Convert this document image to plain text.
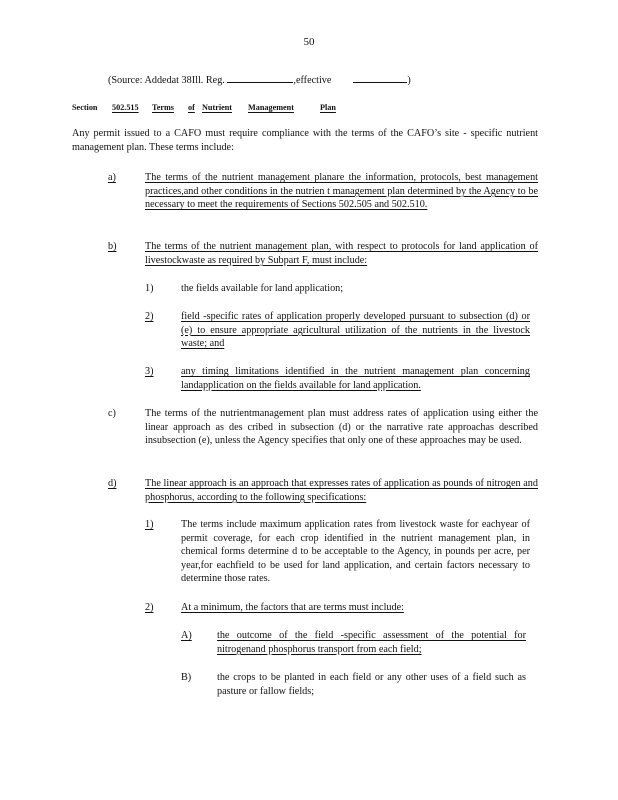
50
(Source: Addedat 38Ill. Reg.	,effective	)
Section 502.515 Terms of Nutrient Management	Plan
Any permit issued to a CAFO must require compliance with the terms of the CAFO’s site - specific nutrient management plan. These terms include:
a)	The terms of the nutrient management planare the information, protocols, best management practices,and other conditions in the nutrien t management plan determined by the Agency to be necessary to meet the requirements of Sections 502.505 and 502.510.
b)	The terms of the nutrient management plan, with respect to protocols for land application of livestockwaste as required by Subpart F, must include:
1)	the fields available for land application;
2)	field -specific rates of application properly developed pursuant to subsection (d) or (e) to ensure appropriate agricultural utilization of the nutrients in the livestock waste; and
3)	any timing limitations identified in the nutrient management plan concerning landapplication on the fields available for land application.
c)	The terms of the nutrientmanagement plan must address rates of application using either the linear approach as des cribed in subsection (d) or the narrative rate approachas described insubsection (e), unless the Agency specifies that only one of these approaches may be used.
d)	The linear approach is an approach that expresses rates of application as pounds of nitrogen and phosphorus, according to the following specifications:
1)	The terms include maximum application rates from livestock waste for eachyear of permit coverage, for each crop identified in the nutrient management plan, in chemical forms determine d to be acceptable to the Agency, in pounds per acre, per year,for eachfield to be used for land application, and certain factors necessary to determine those rates.
2)	At a minimum, the factors that are terms must include:
A) the outcome of the field -specific assessment of the potential for nitrogenand phosphorus transport from each field;
B)	the crops to be planted in each field or any other uses of a field such as pasture or fallow fields;
